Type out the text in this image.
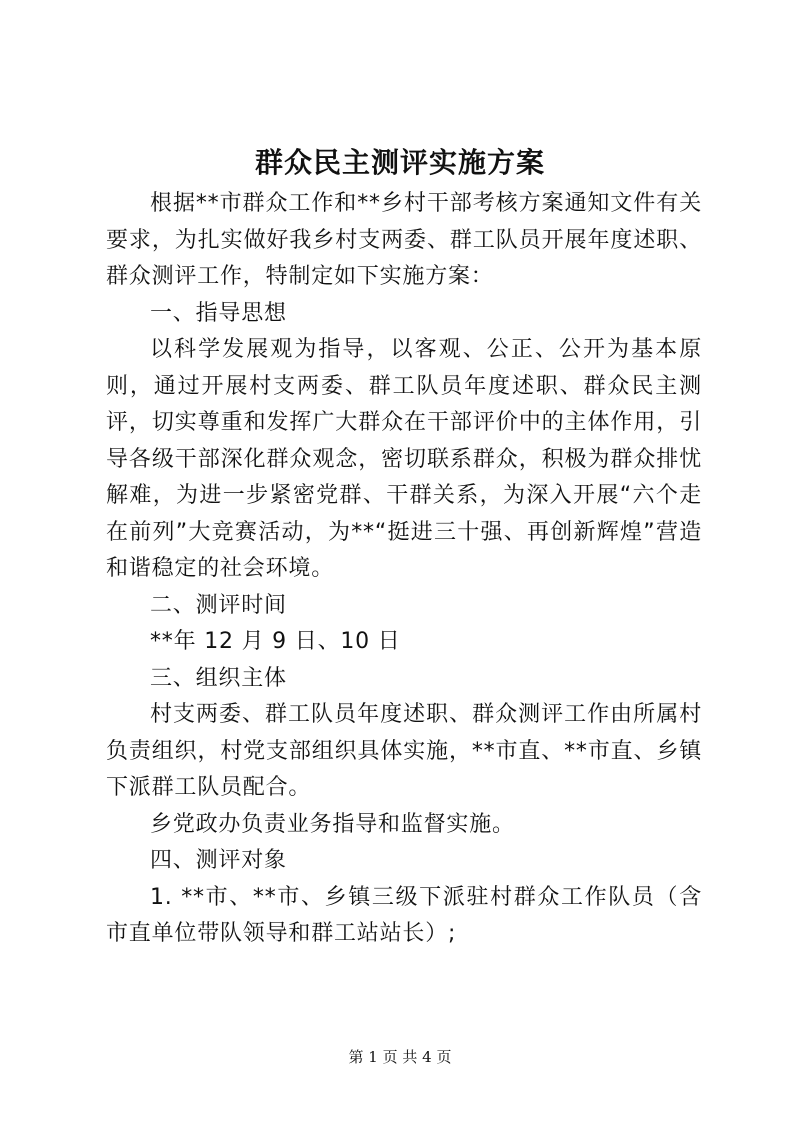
群众民主测评实施方案

根据**市群众工作和**乡村干部考核方案通知文件有关要求，为扎实做好我乡村支两委、群工队员开展年度述职、群众测评工作，特制定如下实施方案：

一、指导思想

以科学发展观为指导，以客观、公正、公开为基本原则，通过开展村支两委、群工队员年度述职、群众民主测评，切实尊重和发挥广大群众在干部评价中的主体作用，引导各级干部深化群众观念，密切联系群众，积极为群众排忧解难，为进一步紧密党群、干群关系，为深入开展“六个走在前列”大竞赛活动，为**“挺进三十强、再创新辉煌”营造和谐稳定的社会环境。

二、测评时间

**年 12 月 9 日、10 日

三、组织主体

村支两委、群工队员年度述职、群众测评工作由所属村负责组织，村党支部组织具体实施，**市直、**市直、乡镇下派群工队员配合。

乡党政办负责业务指导和监督实施。

四、测评对象

1. **市、**市、乡镇三级下派驻村群众工作队员（含市直单位带队领导和群工站站长）;

第 1 页 共 4 页
